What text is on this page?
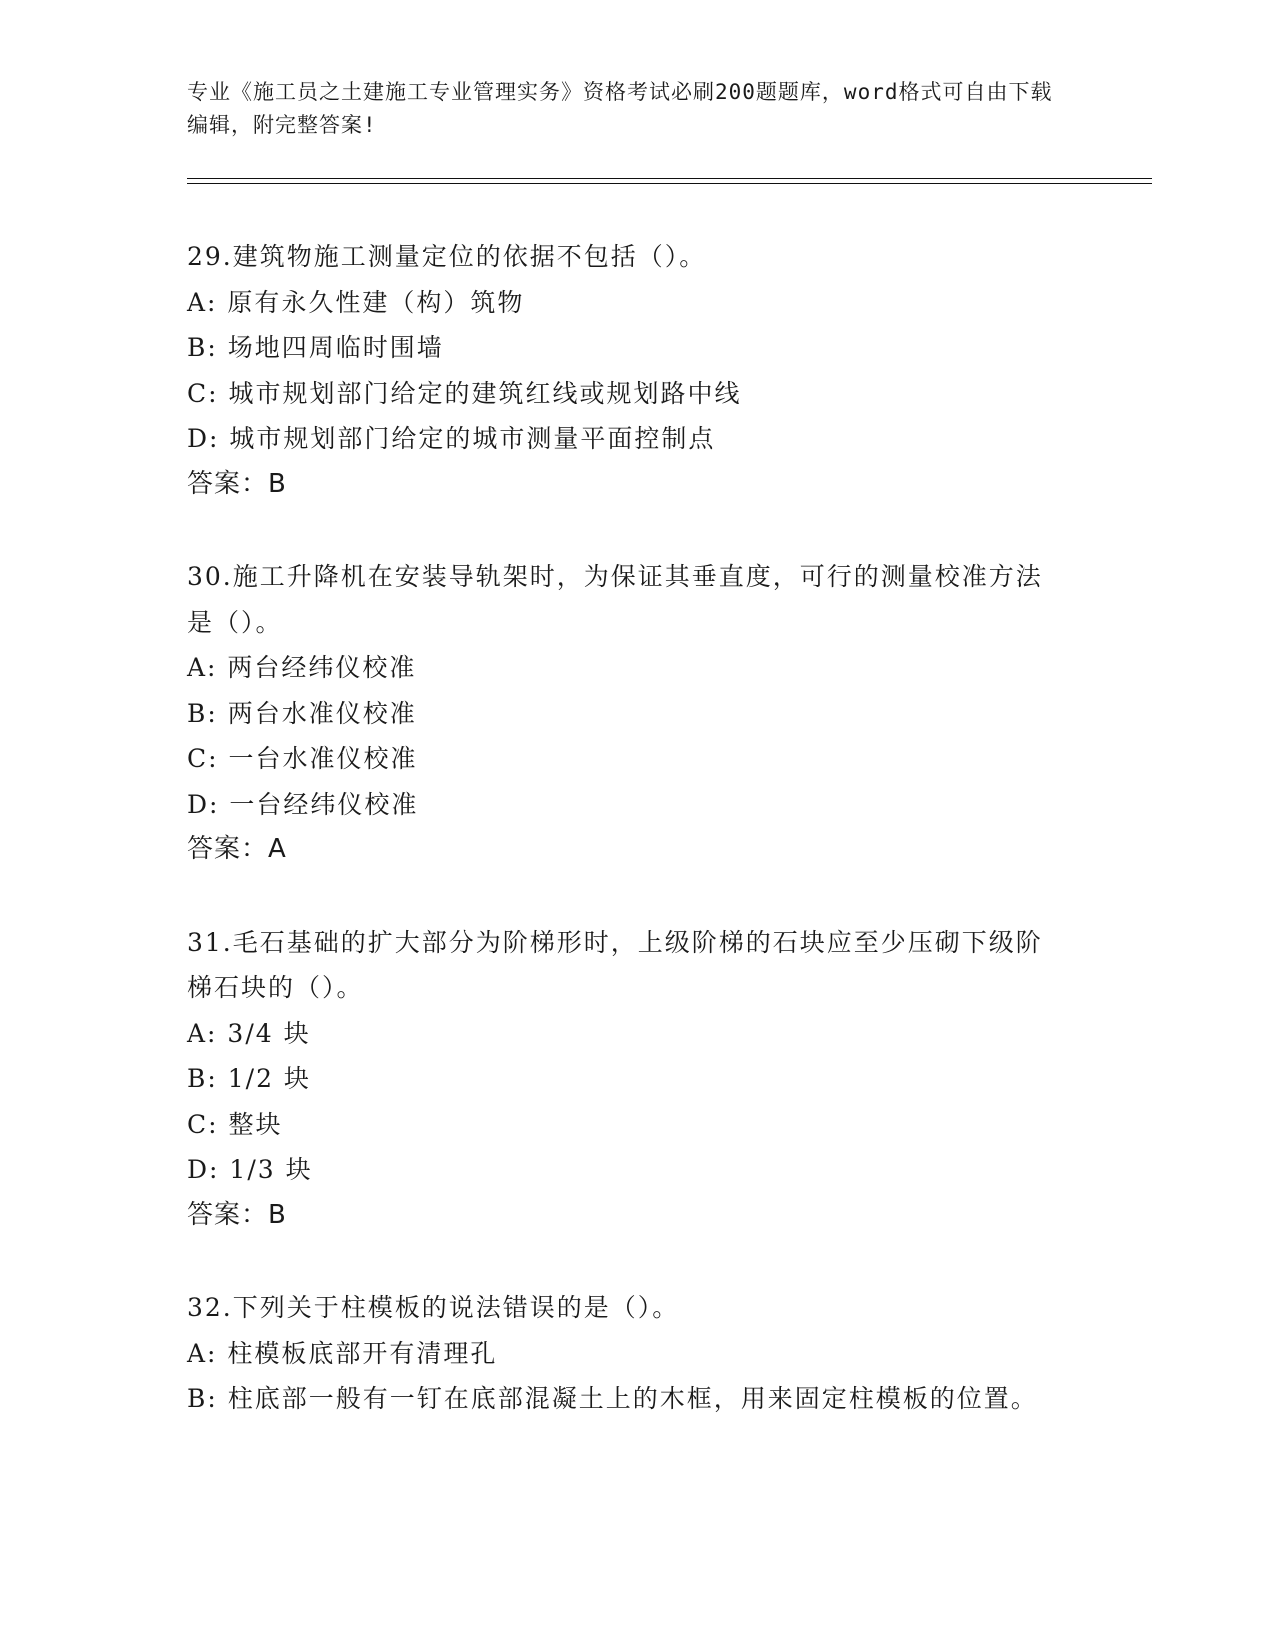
专业《施工员之土建施工专业管理实务》资格考试必刷200题题库，word格式可自由下载编辑，附完整答案!
29.建筑物施工测量定位的依据不包括（）。
A: 原有永久性建（构）筑物
B: 场地四周临时围墙
C: 城市规划部门给定的建筑红线或规划路中线
D: 城市规划部门给定的城市测量平面控制点
答案：B
30.施工升降机在安装导轨架时，为保证其垂直度，可行的测量校准方法是（）。
A: 两台经纬仪校准
B: 两台水准仪校准
C: 一台水准仪校准
D: 一台经纬仪校准
答案：A
31.毛石基础的扩大部分为阶梯形时，上级阶梯的石块应至少压砌下级阶梯石块的（）。
A: 3/4 块
B: 1/2 块
C: 整块
D: 1/3 块
答案：B
32.下列关于柱模板的说法错误的是（）。
A: 柱模板底部开有清理孔
B: 柱底部一般有一钉在底部混凝土上的木框，用来固定柱模板的位置。
